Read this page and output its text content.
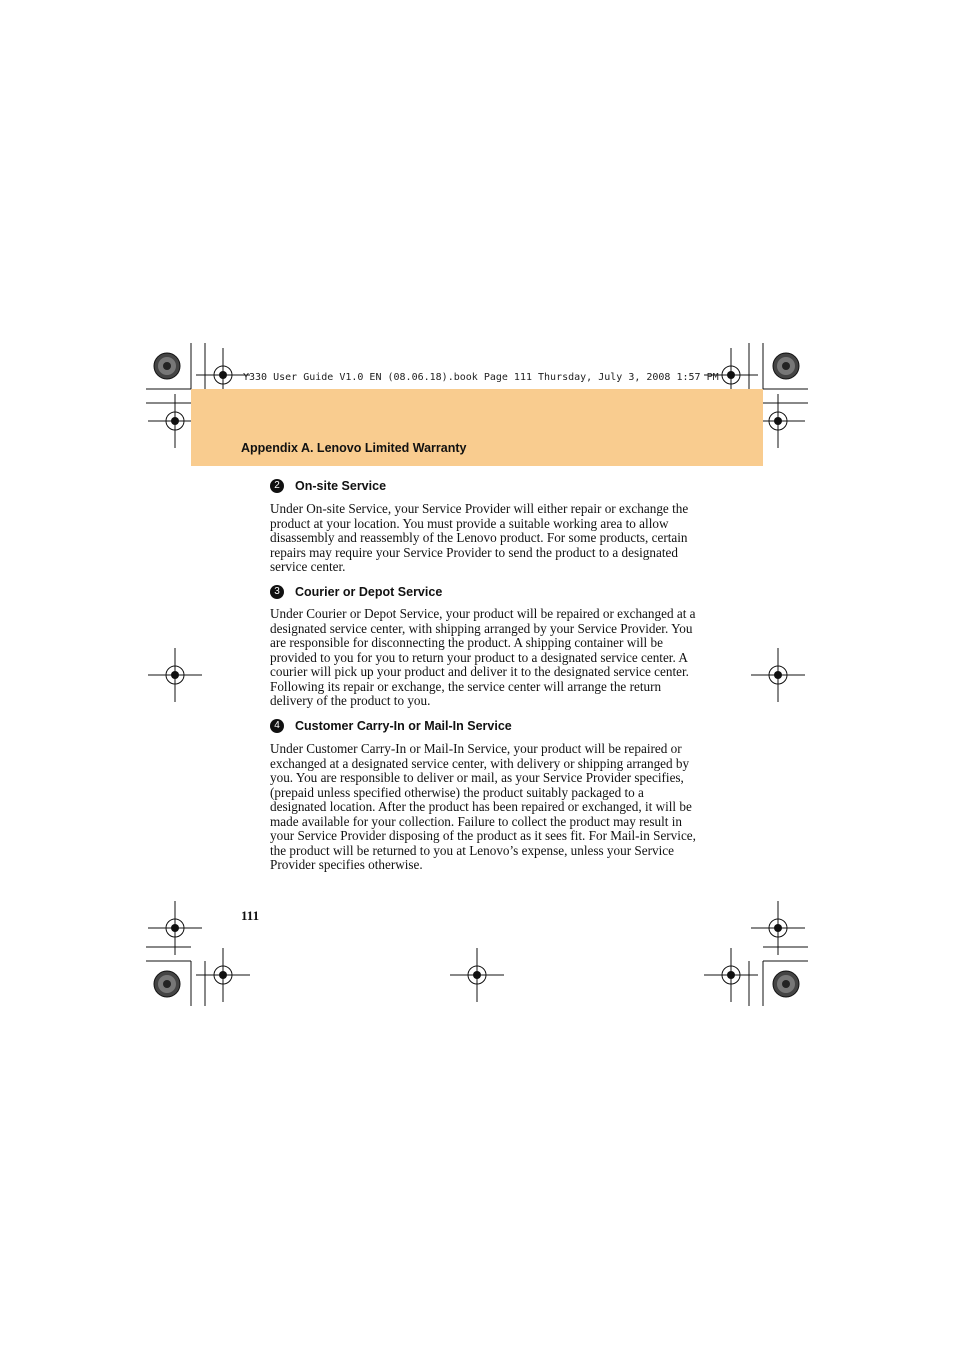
Y330 User Guide V1.0 EN (08.06.18).book Page 111 Thursday, July 3, 2008 1:57 PM
Appendix A. Lenovo Limited Warranty
2	On-site Service
Under On-site Service, your Service Provider will either repair or exchange the product at your location. You must provide a suitable working area to allow disassembly and reassembly of the Lenovo product. For some products, certain repairs may require your Service Provider to send the product to a designated service center.
3	Courier or Depot Service
Under Courier or Depot Service, your product will be repaired or exchanged at a designated service center, with shipping arranged by your Service Provider. You are responsible for disconnecting the product. A shipping container will be provided to you for you to return your product to a designated service center. A courier will pick up your product and deliver it to the designated service center. Following its repair or exchange, the service center will arrange the return delivery of the product to you.
4	Customer Carry-In or Mail-In Service
Under Customer Carry-In or Mail-In Service, your product will be repaired or exchanged at a designated service center, with delivery or shipping arranged by you. You are responsible to deliver or mail, as your Service Provider specifies, (prepaid unless specified otherwise) the product suitably packaged to a designated location. After the product has been repaired or exchanged, it will be made available for your collection. Failure to collect the product may result in your Service Provider disposing of the product as it sees fit. For Mail-in Service, the product will be returned to you at Lenovo’s expense, unless your Service Provider specifies otherwise.
111
